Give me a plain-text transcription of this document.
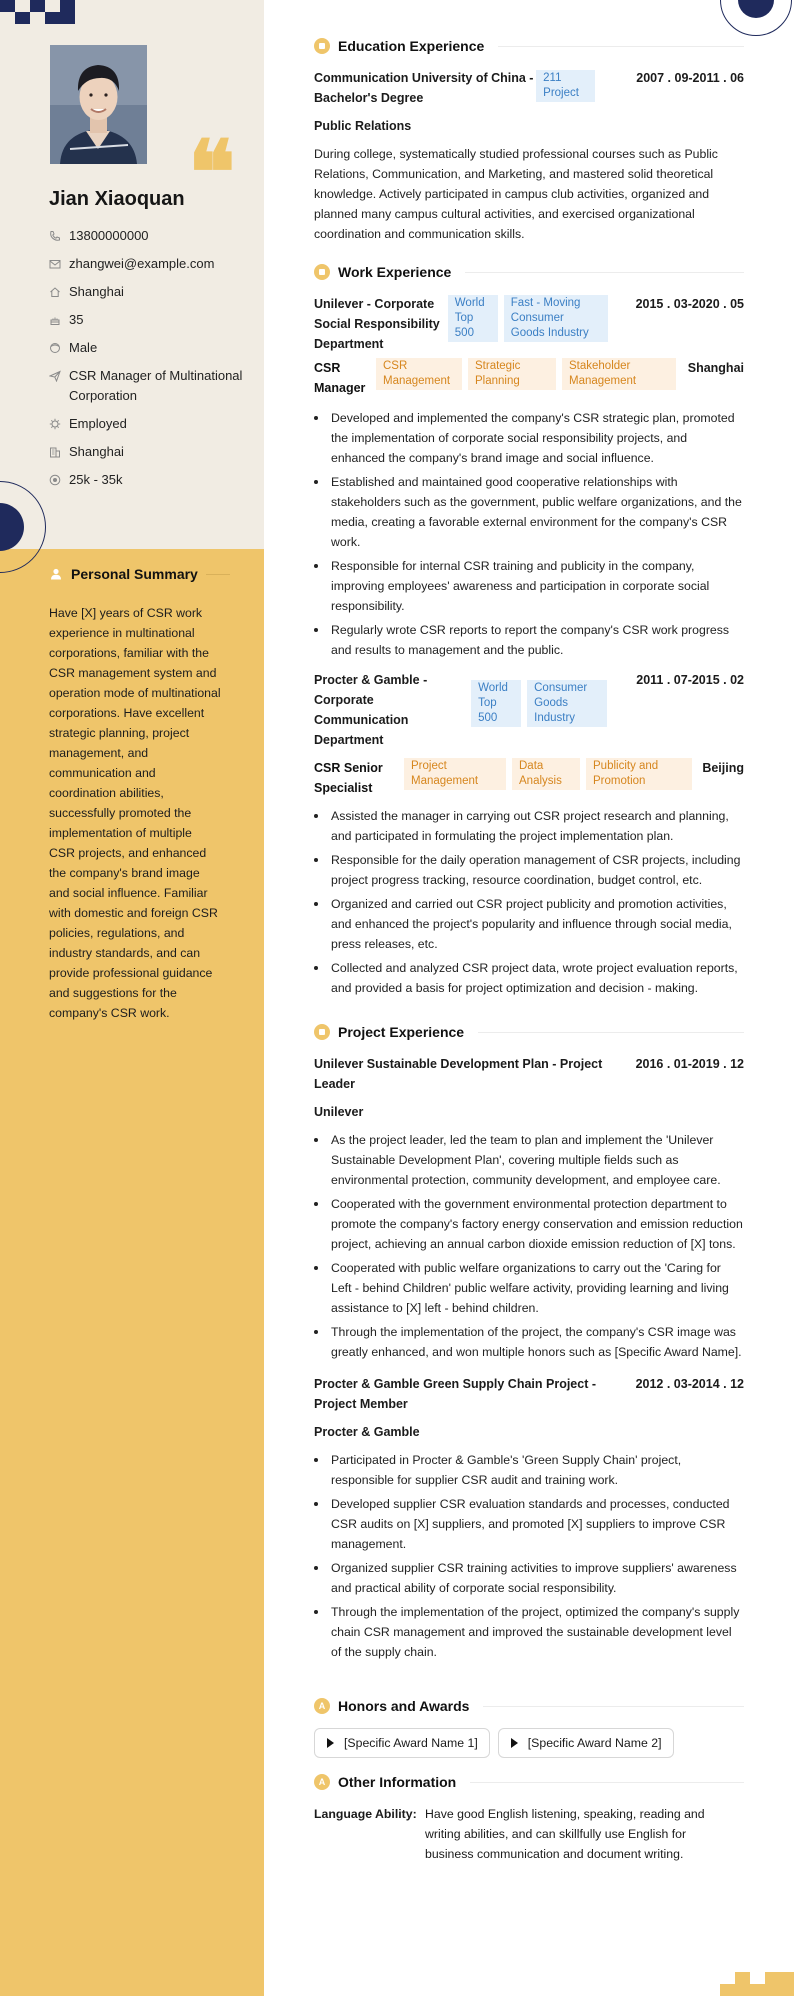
❝
Jian Xiaoquan
13800000000
zhangwei@example.com
Shanghai
35
Male
CSR Manager of Multinational Corporation
Employed
Shanghai
25k - 35k
Personal Summary
Have [X] years of CSR work experience in multinational corporations, familiar with the CSR management system and operation mode of multinational corporations. Have excellent strategic planning, project management, and communication and coordination abilities, successfully promoted the implementation of multiple CSR projects, and enhanced the company's brand image and social influence. Familiar with domestic and foreign CSR policies, regulations, and industry standards, and can provide professional guidance and suggestions for the company's CSR work.
Education Experience
Communication University of China - Bachelor's Degree
211 Project
2007 . 09-2011 . 06
Public Relations
During college, systematically studied professional courses such as Public Relations, Communication, and Marketing, and mastered solid theoretical knowledge. Actively participated in campus club activities, organized and planned many campus cultural activities, and exercised organizational coordination and communication skills.
Work Experience
Unilever - Corporate Social Responsibility Department
World Top 500
Fast - Moving Consumer Goods Industry
2015 . 03-2020 . 05
CSR Manager
CSR Management
Strategic Planning
Stakeholder Management
Shanghai
Developed and implemented the company's CSR strategic plan, promoted the implementation of corporate social responsibility projects, and enhanced the company's brand image and social influence.
Established and maintained good cooperative relationships with stakeholders such as the government, public welfare organizations, and the media, creating a favorable external environment for the company's CSR work.
Responsible for internal CSR training and publicity in the company, improving employees' awareness and participation in corporate social responsibility.
Regularly wrote CSR reports to report the company's CSR work progress and results to management and the public.
Procter & Gamble - Corporate Communication Department
World Top 500
Consumer Goods Industry
2011 . 07-2015 . 02
CSR Senior Specialist
Project Management
Data Analysis
Publicity and Promotion
Beijing
Assisted the manager in carrying out CSR project research and planning, and participated in formulating the project implementation plan.
Responsible for the daily operation management of CSR projects, including project progress tracking, resource coordination, budget control, etc.
Organized and carried out CSR project publicity and promotion activities, and enhanced the project's popularity and influence through social media, press releases, etc.
Collected and analyzed CSR project data, wrote project evaluation reports, and provided a basis for project optimization and decision - making.
Project Experience
Unilever Sustainable Development Plan - Project Leader
2016 . 01-2019 . 12
Unilever
As the project leader, led the team to plan and implement the 'Unilever Sustainable Development Plan', covering multiple fields such as environmental protection, community development, and employee care.
Cooperated with the government environmental protection department to promote the company's factory energy conservation and emission reduction project, achieving an annual carbon dioxide emission reduction of [X] tons.
Cooperated with public welfare organizations to carry out the 'Caring for Left - behind Children' public welfare activity, providing learning and living assistance to [X] left - behind children.
Through the implementation of the project, the company's CSR image was greatly enhanced, and won multiple honors such as [Specific Award Name].
Procter & Gamble Green Supply Chain Project - Project Member
2012 . 03-2014 . 12
Procter & Gamble
Participated in Procter & Gamble's 'Green Supply Chain' project, responsible for supplier CSR audit and training work.
Developed supplier CSR evaluation standards and processes, conducted CSR audits on [X] suppliers, and promoted [X] suppliers to improve CSR management.
Organized supplier CSR training activities to improve suppliers' awareness and practical ability of corporate social responsibility.
Through the implementation of the project, optimized the company's supply chain CSR management and improved the sustainable development level of the supply chain.
A Honors and Awards
[Specific Award Name 1]	[Specific Award Name 2]
A Other Information
Language Ability: Have good English listening, speaking, reading and writing abilities, and can skillfully use English for business communication and document writing.
